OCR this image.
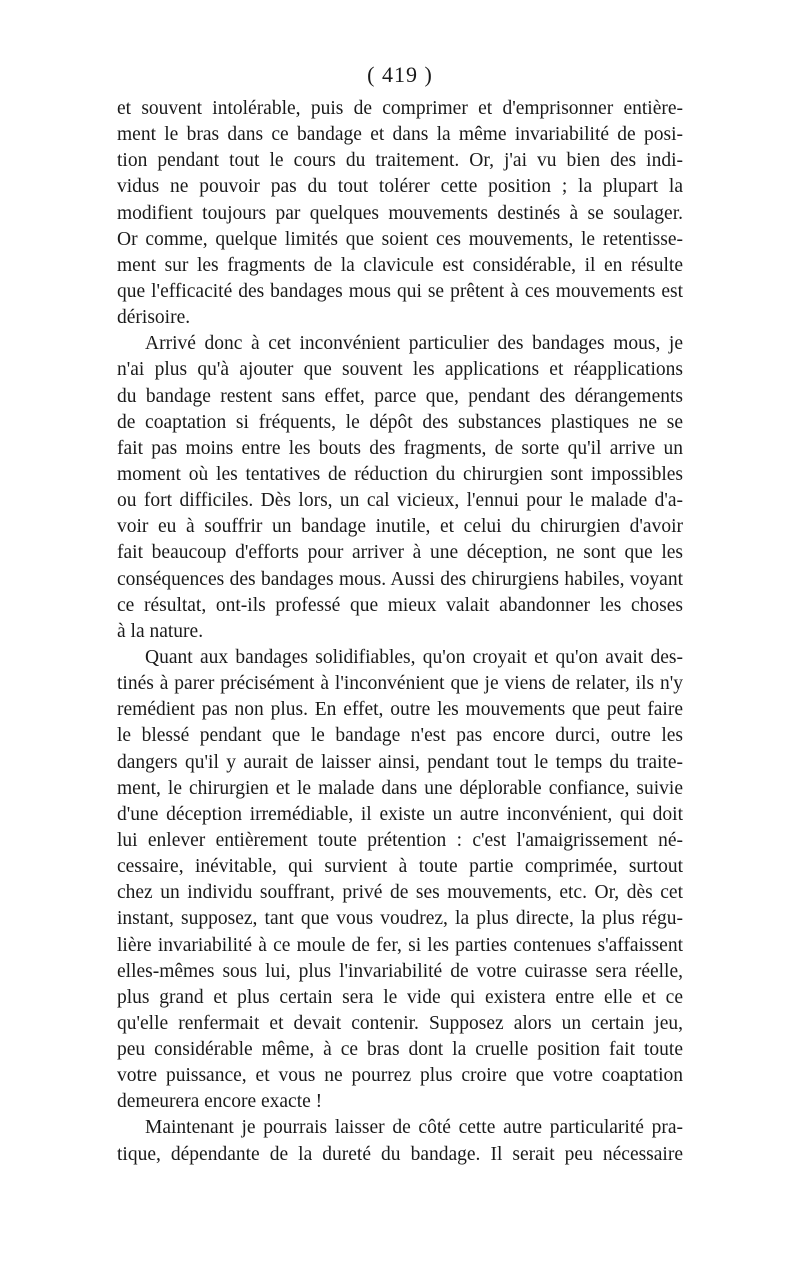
( 419 )
et souvent intolérable, puis de comprimer et d'emprisonner entière-
ment le bras dans ce bandage et dans la même invariabilité de posi-
tion pendant tout le cours du traitement. Or, j'ai vu bien des indi-
vidus ne pouvoir pas du tout tolérer cette position ; la plupart la
modifient toujours par quelques mouvements destinés à se soulager.
Or comme, quelque limités que soient ces mouvements, le retentisse-
ment sur les fragments de la clavicule est considérable, il en résulte
que l'efficacité des bandages mous qui se prêtent à ces mouvements est
dérisoire.
Arrivé donc à cet inconvénient particulier des bandages mous, je
n'ai plus qu'à ajouter que souvent les applications et réapplications
du bandage restent sans effet, parce que, pendant des dérangements
de coaptation si fréquents, le dépôt des substances plastiques ne se
fait pas moins entre les bouts des fragments, de sorte qu'il arrive un
moment où les tentatives de réduction du chirurgien sont impossibles
ou fort difficiles. Dès lors, un cal vicieux, l'ennui pour le malade d'a-
voir eu à souffrir un bandage inutile, et celui du chirurgien d'avoir
fait beaucoup d'efforts pour arriver à une déception, ne sont que les
conséquences des bandages mous. Aussi des chirurgiens habiles, voyant
ce résultat, ont-ils professé que mieux valait abandonner les choses
à la nature.
Quant aux bandages solidifiables, qu'on croyait et qu'on avait des-
tinés à parer précisément à l'inconvénient que je viens de relater, ils n'y
remédient pas non plus. En effet, outre les mouvements que peut faire
le blessé pendant que le bandage n'est pas encore durci, outre les
dangers qu'il y aurait de laisser ainsi, pendant tout le temps du traite-
ment, le chirurgien et le malade dans une déplorable confiance, suivie
d'une déception irremédiable, il existe un autre inconvénient, qui doit
lui enlever entièrement toute prétention : c'est l'amaigrissement né-
cessaire, inévitable, qui survient à toute partie comprimée, surtout
chez un individu souffrant, privé de ses mouvements, etc. Or, dès cet
instant, supposez, tant que vous voudrez, la plus directe, la plus régu-
lière invariabilité à ce moule de fer, si les parties contenues s'affaissent
elles-mêmes sous lui, plus l'invariabilité de votre cuirasse sera réelle,
plus grand et plus certain sera le vide qui existera entre elle et ce
qu'elle renfermait et devait contenir. Supposez alors un certain jeu,
peu considérable même, à ce bras dont la cruelle position fait toute
votre puissance, et vous ne pourrez plus croire que votre coaptation
demeurera encore exacte !
Maintenant je pourrais laisser de côté cette autre particularité pra-
tique, dépendante de la dureté du bandage. Il serait peu nécessaire
